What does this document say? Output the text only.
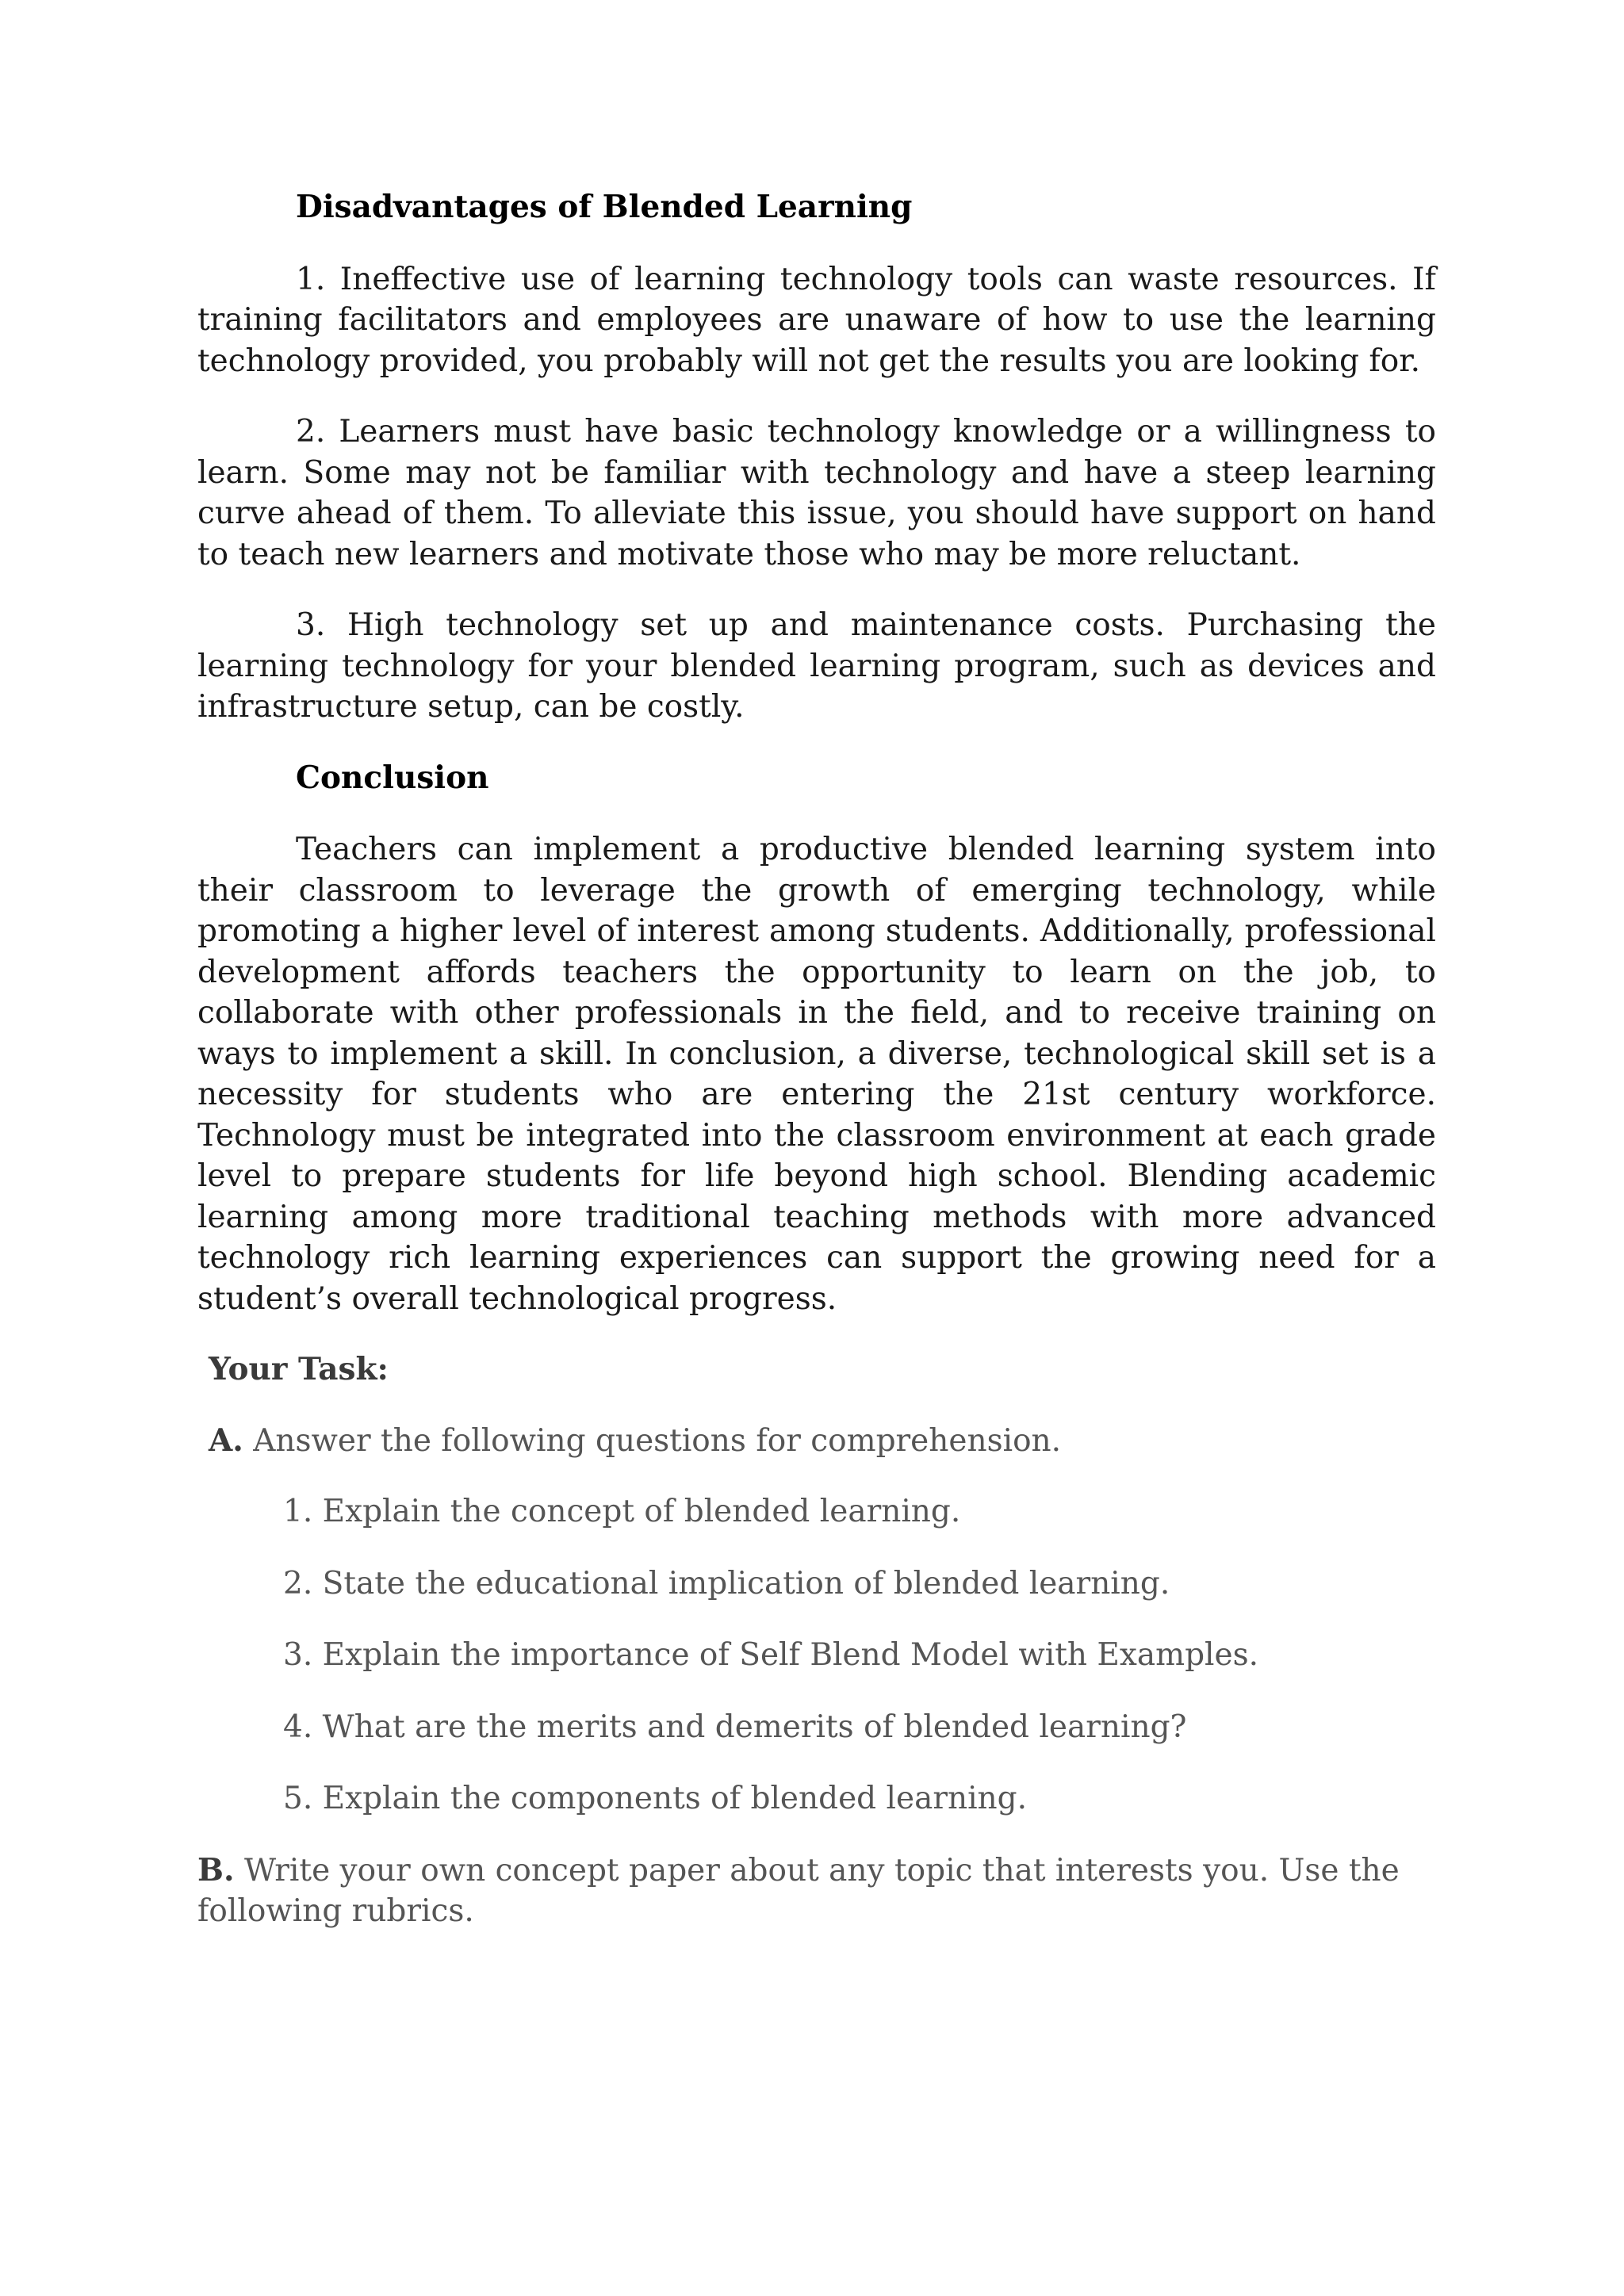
Disadvantages of Blended Learning

1. Ineffective use of learning technology tools can waste resources. If training facilitators and employees are unaware of how to use the learning technology provided, you probably will not get the results you are looking for.

2. Learners must have basic technology knowledge or a willingness to learn. Some may not be familiar with technology and have a steep learning curve ahead of them. To alleviate this issue, you should have support on hand to teach new learners and motivate those who may be more reluctant.

3. High technology set up and maintenance costs. Purchasing the learning technology for your blended learning program, such as devices and infrastructure setup, can be costly.

Conclusion

Teachers can implement a productive blended learning system into their classroom to leverage the growth of emerging technology, while promoting a higher level of interest among students. Additionally, professional development affords teachers the opportunity to learn on the job, to collaborate with other professionals in the field, and to receive training on ways to implement a skill. In conclusion, a diverse, technological skill set is a necessity for students who are entering the 21st century workforce. Technology must be integrated into the classroom environment at each grade level to prepare students for life beyond high school. Blending academic learning among more traditional teaching methods with more advanced technology rich learning experiences can support the growing need for a student’s overall technological progress.

Your Task:
A. Answer the following questions for comprehension.
1. Explain the concept of blended learning.
2. State the educational implication of blended learning.
3. Explain the importance of Self Blend Model with Examples.
4. What are the merits and demerits of blended learning?
5. Explain the components of blended learning.
B. Write your own concept paper about any topic that interests you. Use the following rubrics.
